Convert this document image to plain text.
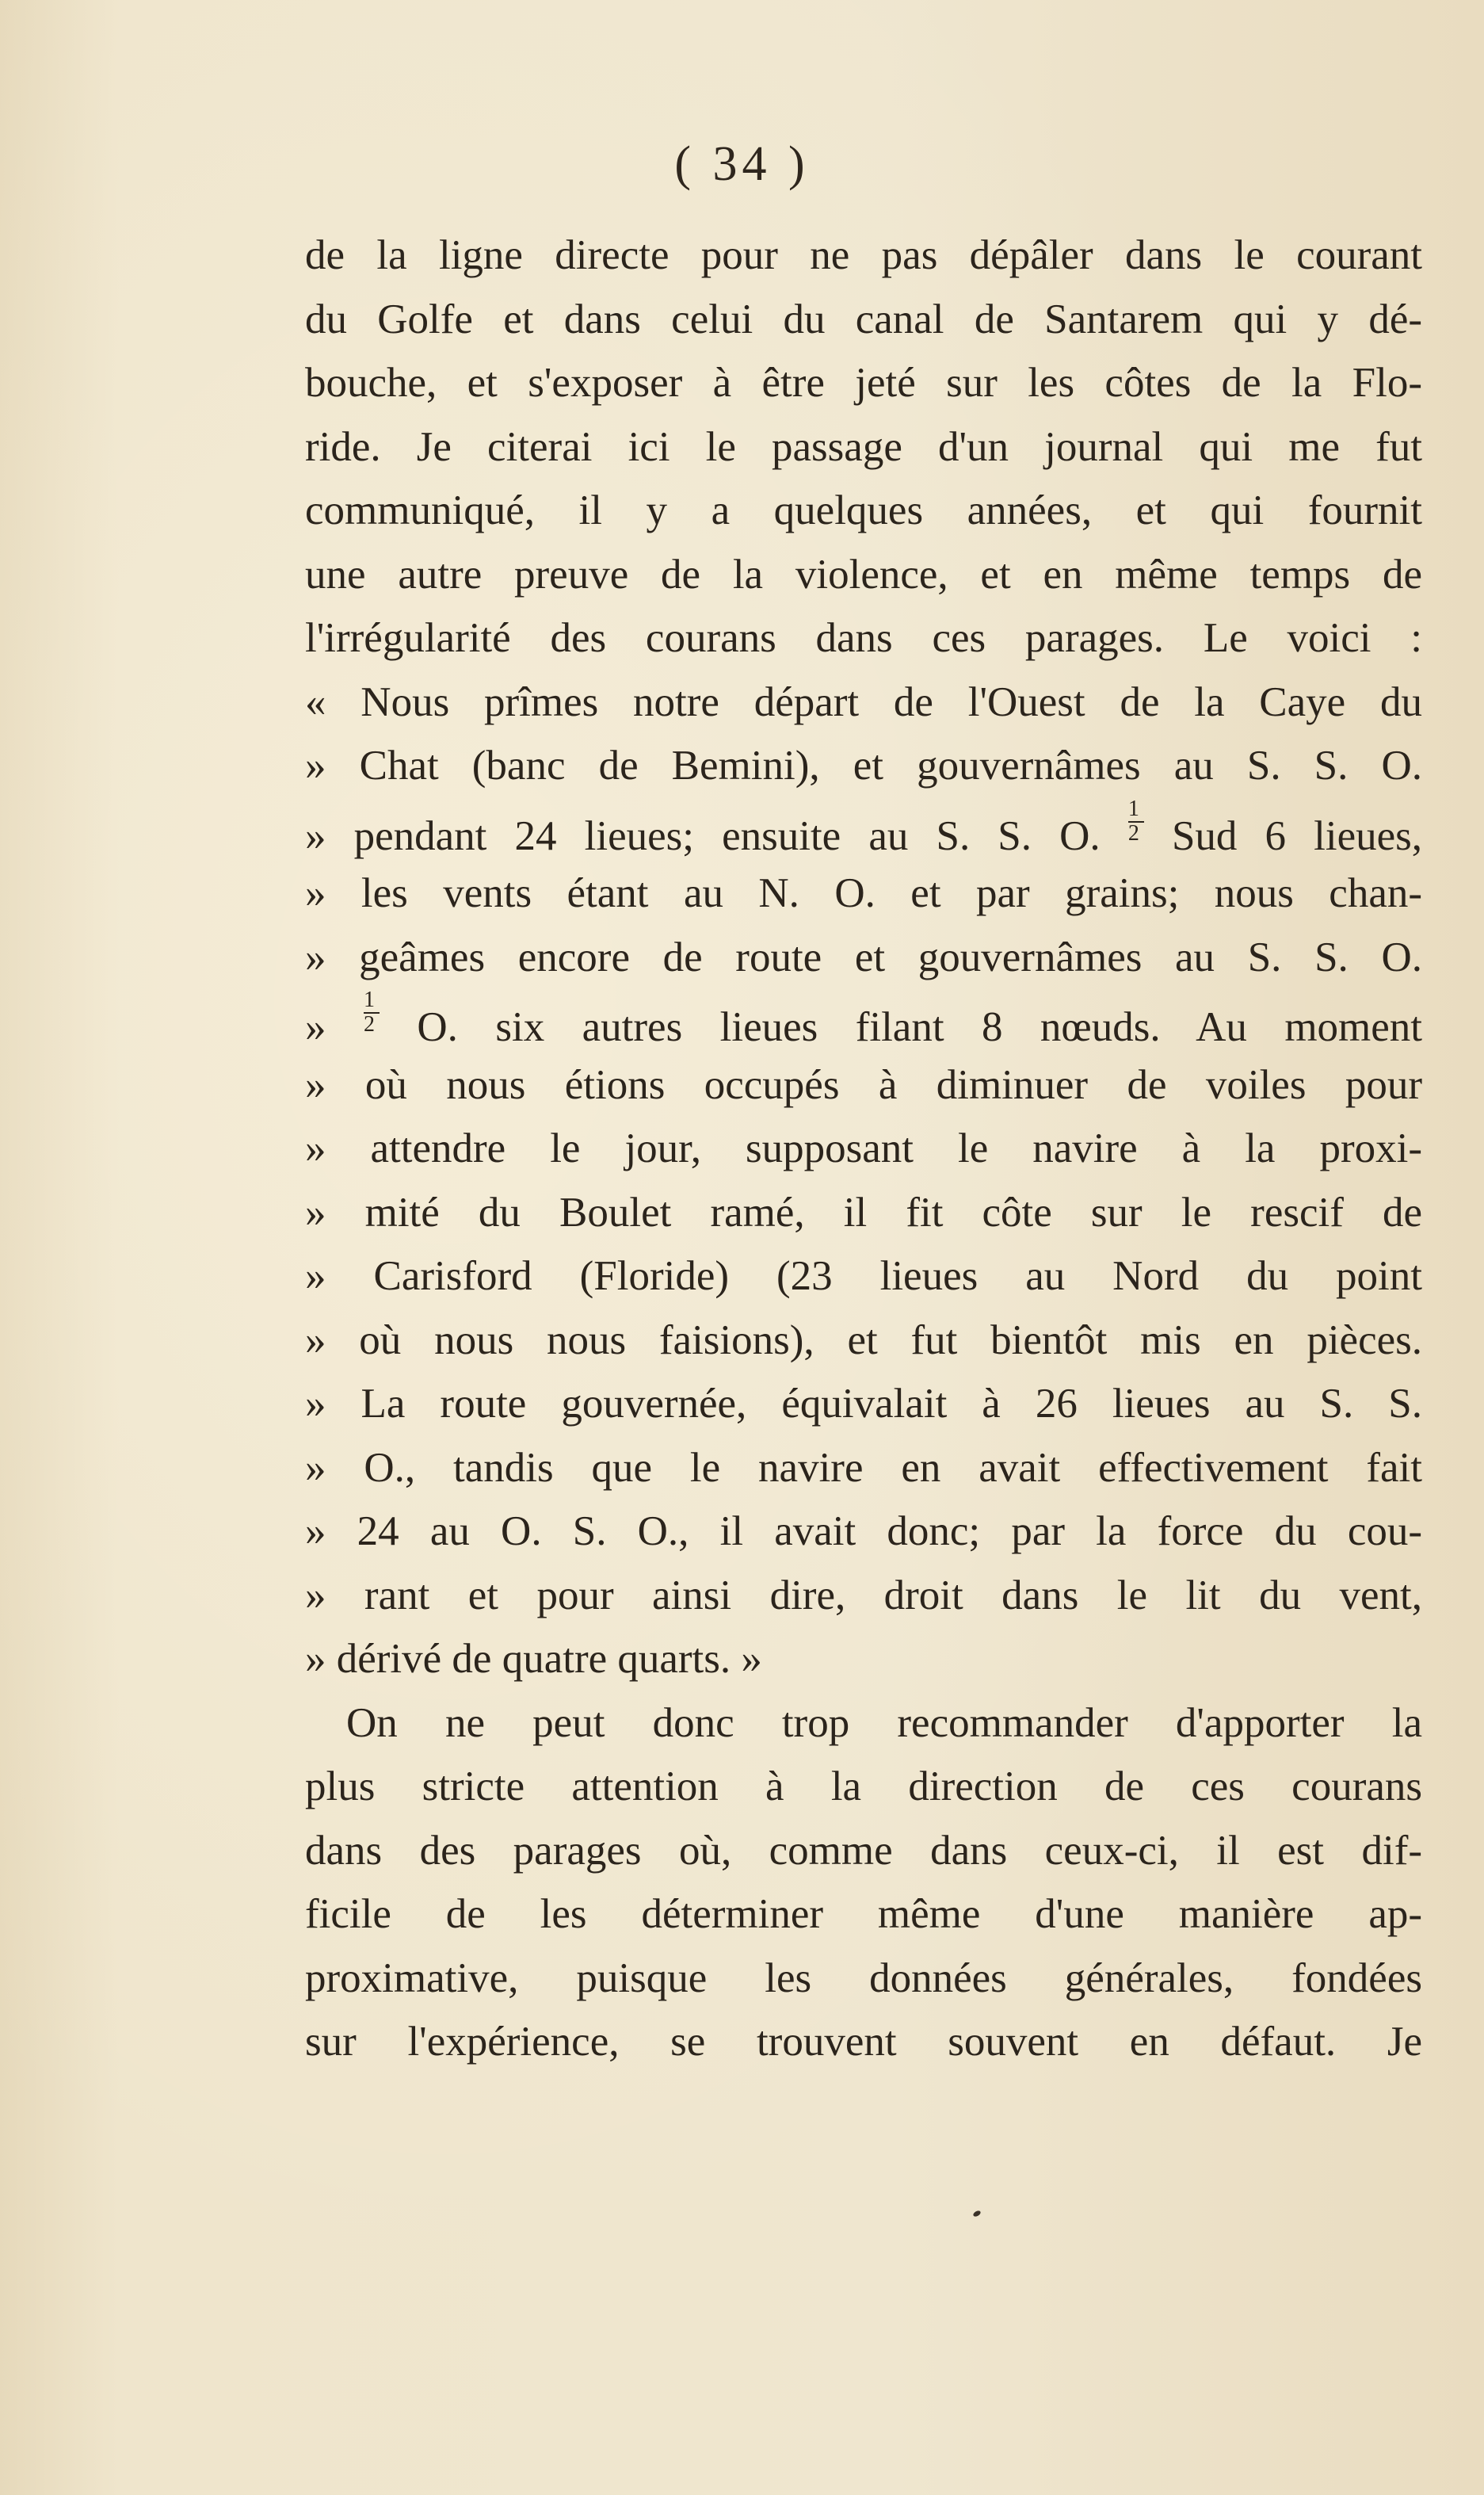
( 34 )
de la ligne directe pour ne pas dépâler dans le courant
du Golfe et dans celui du canal de Santarem qui y dé-
bouche, et s'exposer à être jeté sur les côtes de la Flo-
ride. Je citerai ici le passage d'un journal qui me fut
communiqué, il y a quelques années, et qui fournit
une autre preuve de la violence, et en même temps de
l'irrégularité des courans dans ces parages. Le voici :
« Nous prîmes notre départ de l'Ouest de la Caye du
» Chat (banc de Bemini), et gouvernâmes au S. S. O.
» pendant 24 lieues; ensuite au S. S. O. $\frac{1}{2}$ Sud 6 lieues,
» les vents étant au N. O. et par grains; nous chan-
» geâmes encore de route et gouvernâmes au S. S. O.
» $\frac{1}{2} O$. six autres lieues filant 8 nœuds. Au moment
» où nous étions occupés à diminuer de voiles pour
» attendre le jour, supposant le navire à la proxi-
» mité du Boulet ramé, il fit côte sur le rescif de
» Carisford (Floride) (23 lieues au Nord du point
» où nous nous faisions), et fut bientôt mis en pièces.
» La route gouvernée, équivalait à 26 lieues au S. S.
» O., tandis que le navire en avait effectivement fait
» 24 au O. S. O., il avait donc; par la force du cou-
» rant et pour ainsi dire, droit dans le lit du vent,
» dérivé de quatre quarts. »
On ne peut donc trop recommander d'apporter la
plus stricte attention à la direction de ces courans
dans des parages où, comme dans ceux-ci, il est dif-
ficile de les déterminer même d'une manière ap-
proximative, puisque les données générales, fondées
sur l'expérience, se trouvent souvent en défaut. Je
